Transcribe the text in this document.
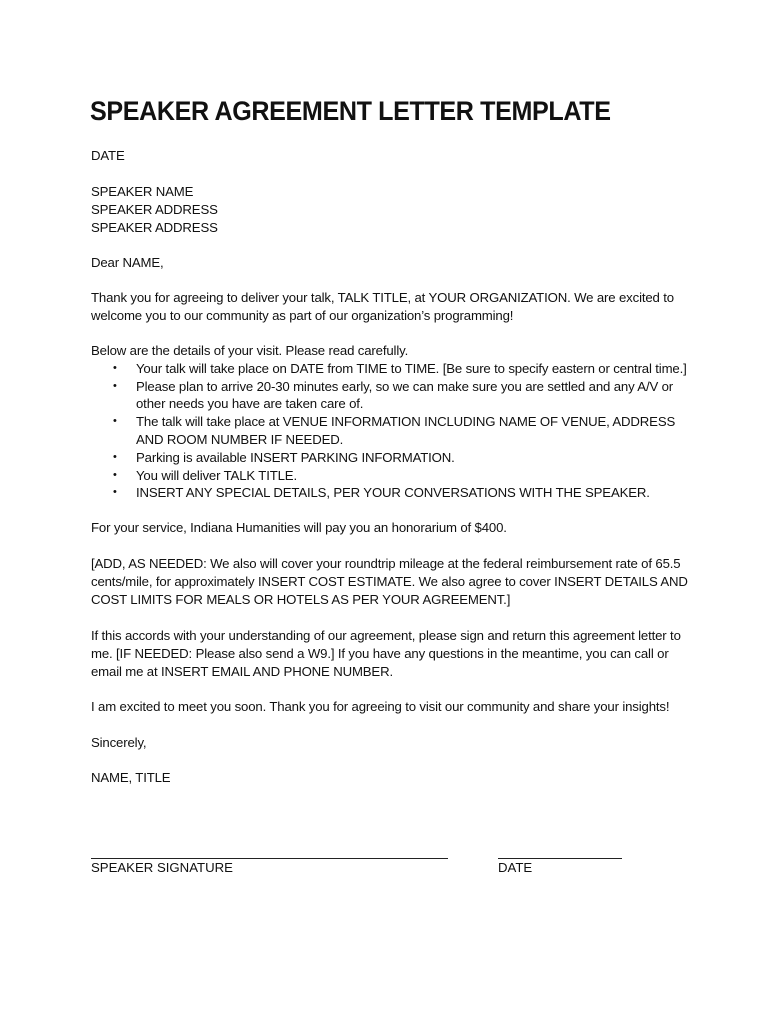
SPEAKER AGREEMENT LETTER TEMPLATE

DATE

SPEAKER NAME
SPEAKER ADDRESS
SPEAKER ADDRESS

Dear NAME,

Thank you for agreeing to deliver your talk, TALK TITLE, at YOUR ORGANIZATION. We are excited to
welcome you to our community as part of our organization’s programming!
Below are the details of your visit. Please read carefully.
• Your talk will take place on DATE from TIME to TIME. [Be sure to specify eastern or central time.]
• Please plan to arrive 20-30 minutes early, so we can make sure you are settled and any A/V or
other needs you have are taken care of.
• The talk will take place at VENUE INFORMATION INCLUDING NAME OF VENUE, ADDRESS
AND ROOM NUMBER IF NEEDED.
• Parking is available INSERT PARKING INFORMATION.
• You will deliver TALK TITLE.
• INSERT ANY SPECIAL DETAILS, PER YOUR CONVERSATIONS WITH THE SPEAKER.

For your service, Indiana Humanities will pay you an honorarium of $400.

[ADD, AS NEEDED: We also will cover your roundtrip mileage at the federal reimbursement rate of 65.5
cents/mile, for approximately INSERT COST ESTIMATE. We also agree to cover INSERT DETAILS AND
COST LIMITS FOR MEALS OR HOTELS AS PER YOUR AGREEMENT.]
If this accords with your understanding of our agreement, please sign and return this agreement letter to
me. [IF NEEDED: Please also send a W9.] If you have any questions in the meantime, you can call or
email me at INSERT EMAIL AND PHONE NUMBER.

I am excited to meet you soon. Thank you for agreeing to visit our community and share your insights!

Sincerely,

NAME, TITLE

SPEAKER SIGNATURE	DATE
